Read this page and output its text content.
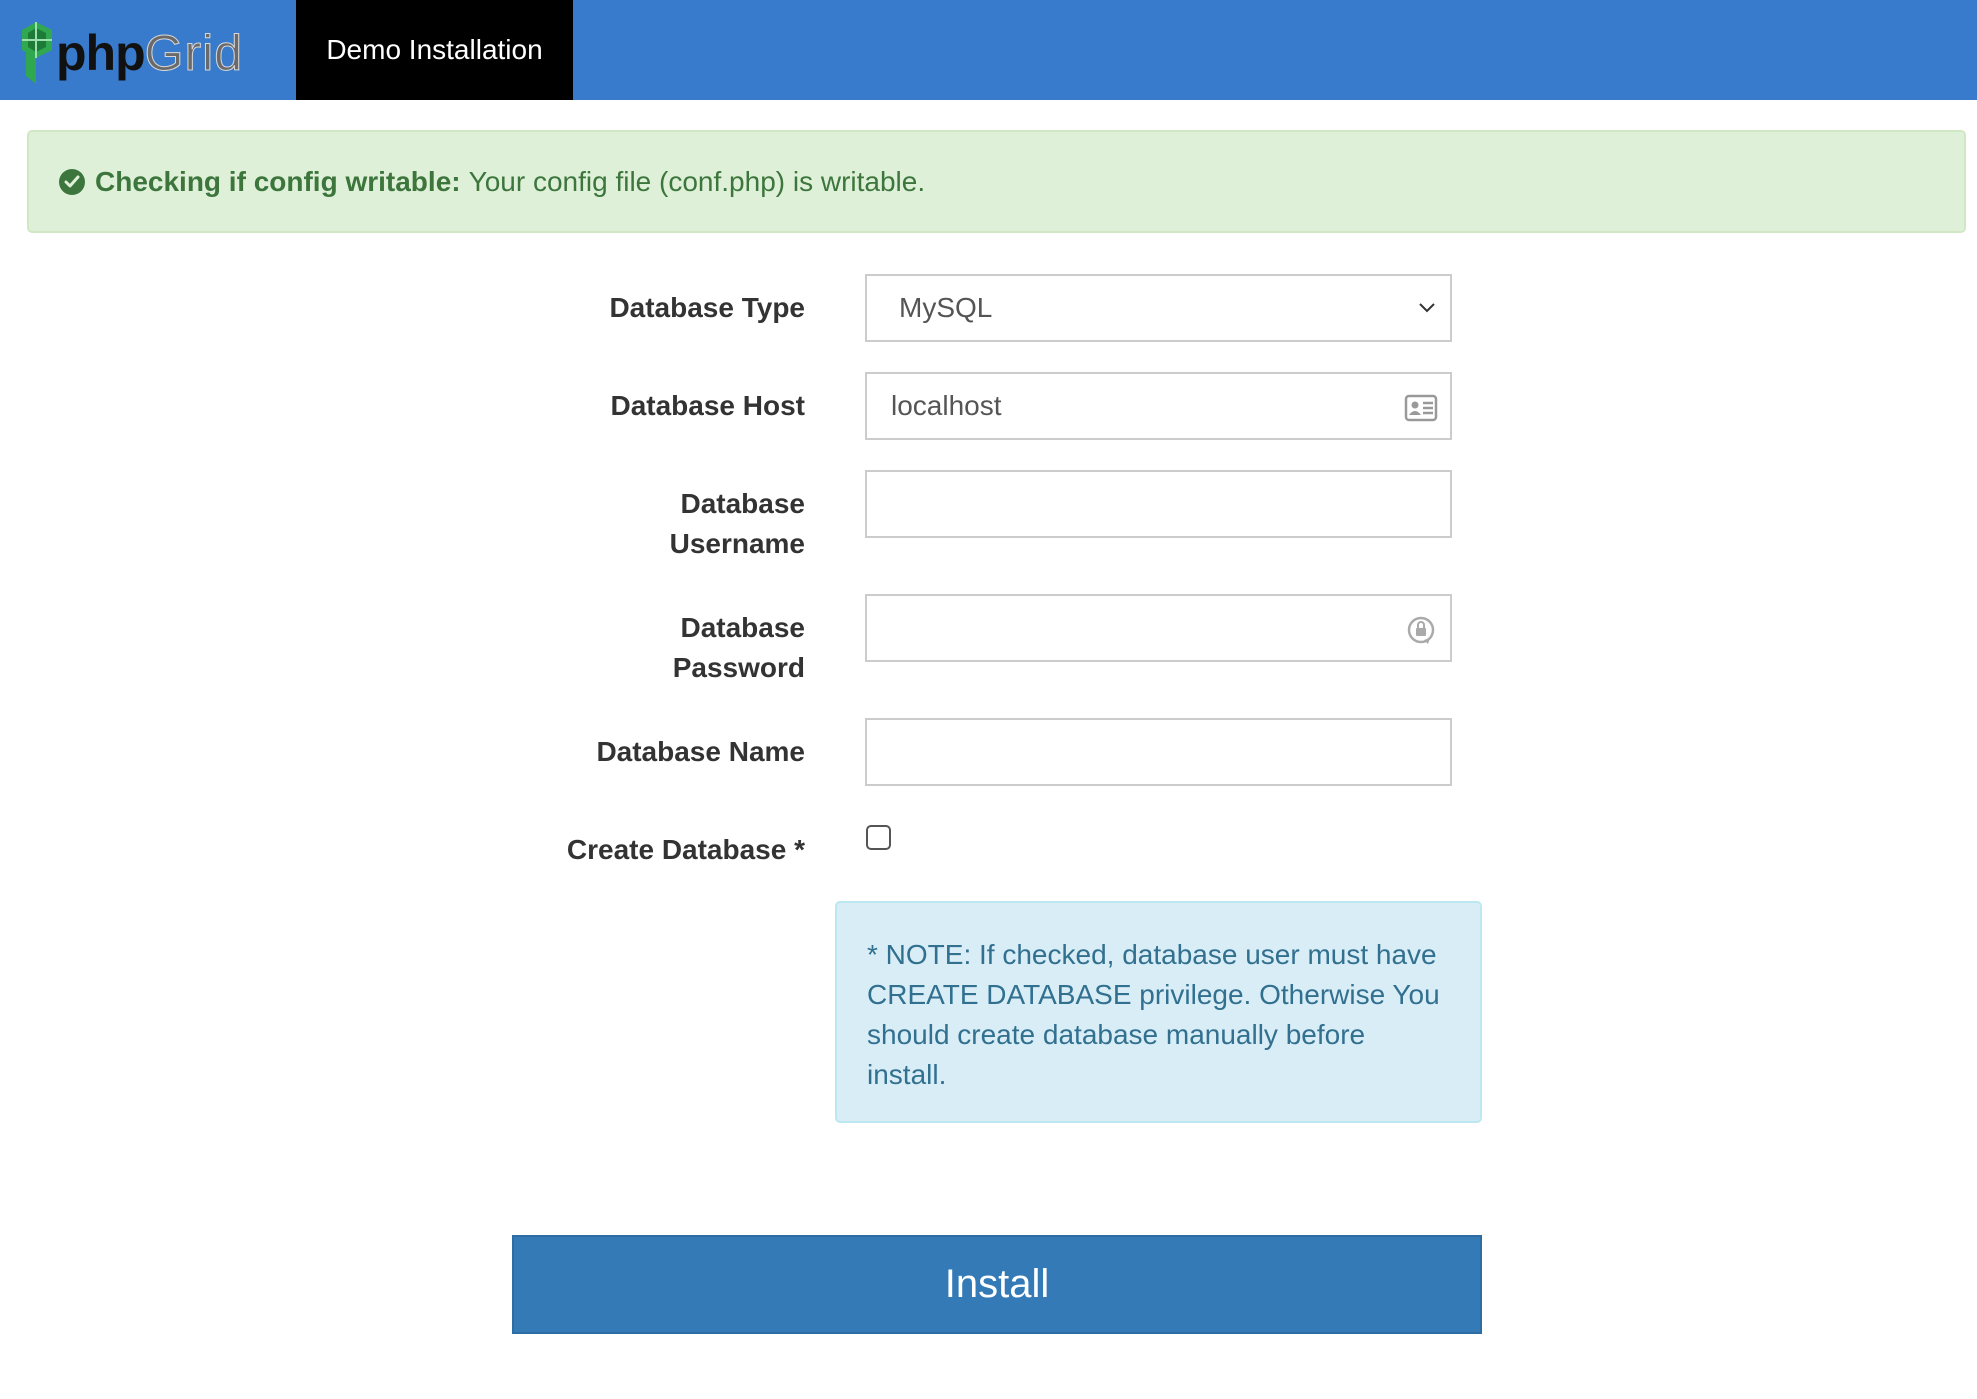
php Grid	Demo Installation
Checking if config writable: Your config file (conf.php) is writable.
Database Type	MySQL
Database Host	localhost
Database
Username
Database
Password
Database Name
Create Database *
* NOTE: If checked, database user must have CREATE DATABASE privilege. Otherwise You should create database manually before install.
Install
